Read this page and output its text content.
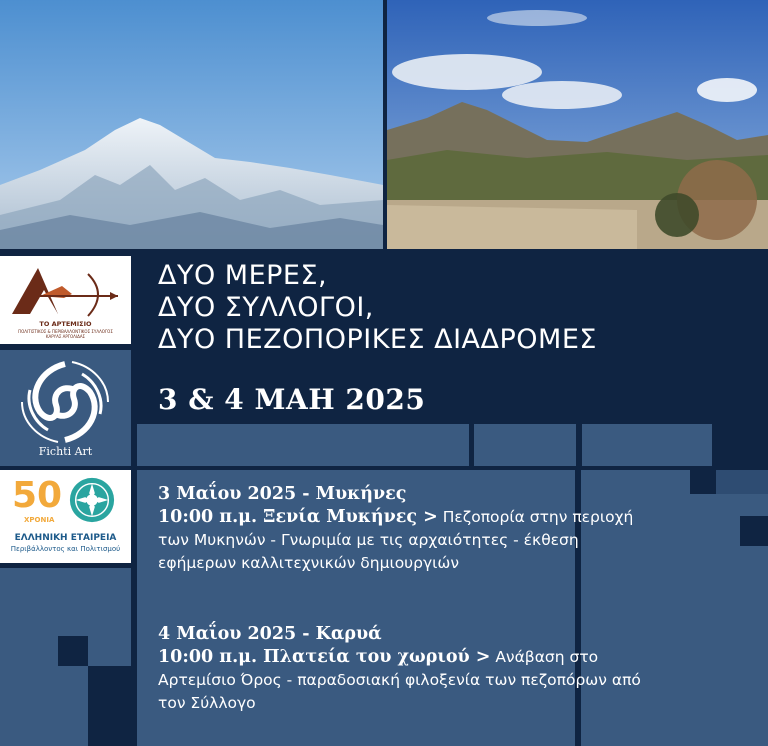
ΤΟ ΑΡΤΕΜΙΣΙΟ
ΠΟΛΙΤΙΣΤΙΚΟΣ & ΠΕΡΙΒΑΛΛΟΝΤΙΚΟΣ ΣΥΛΛΟΓΟΣ ΚΑΡΥΑΣ ΑΡΓΟΛΙΔΑΣ
Fichti Art
50
ΧΡΟΝΙΑ
ΕΛΛΗΝΙΚΗ ΕΤΑΙΡΕΙΑ
Περιβάλλοντος και Πολιτισμού
ΔΥΟ ΜΕΡΕΣ,
ΔΥΟ ΣΥΛΛΟΓΟΙ,
ΔΥΟ ΠΕΖΟΠΟΡΙΚΕΣ ΔΙΑΔΡΟΜΕΣ
3 & 4 ΜΑΗ 2025
3 Μαΐου 2025 - Μυκήνες
10:00 π.μ. Ξενία Μυκήνες > Πεζοπορία στην περιοχή των Μυκηνών - Γνωριμία με τις αρχαιότητες - έκθεση εφήμερων καλλιτεχνικών δημιουργιών
4 Μαΐου 2025 - Καρυά
10:00 π.μ. Πλατεία του χωριού > Ανάβαση στο Αρτεμίσιο Όρος - παραδοσιακή φιλοξενία των πεζοπόρων από τον Σύλλογο
